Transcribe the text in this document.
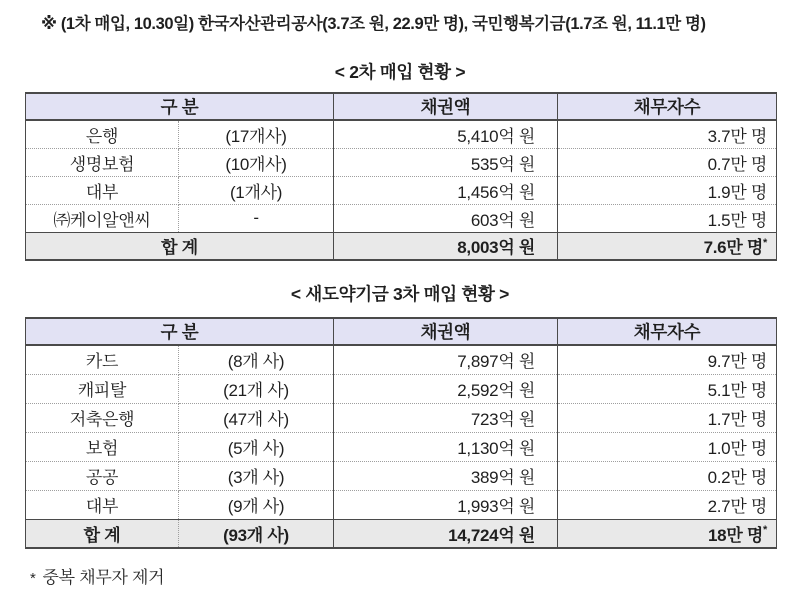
※ (1차 매입, 10.30일) 한국자산관리공사(3.7조 원, 22.9만 명), 국민행복기금(1.7조 원, 11.1만 명)
< 2차 매입 현황 >
구 분		채권액	채무자수
은행	(17개사)	5,410억 원	3.7만 명
생명보험	(10개사)	535억 원	0.7만 명
대부	(1개사)	1,456억 원	1.9만 명
㈜케이알앤씨	-	603억 원	1.5만 명
합 계		8,003억 원	7.6만 명*
< 새도약기금 3차 매입 현황 >
구 분		채권액	채무자수
카드	(8개 사)	7,897억 원	9.7만 명
캐피탈	(21개 사)	2,592억 원	5.1만 명
저축은행	(47개 사)	723억 원	1.7만 명
보험	(5개 사)	1,130억 원	1.0만 명
공공	(3개 사)	389억 원	0.2만 명
대부	(9개 사)	1,993억 원	2.7만 명
합 계	(93개 사)	14,724억 원	18만 명*
* 중복 채무자 제거
